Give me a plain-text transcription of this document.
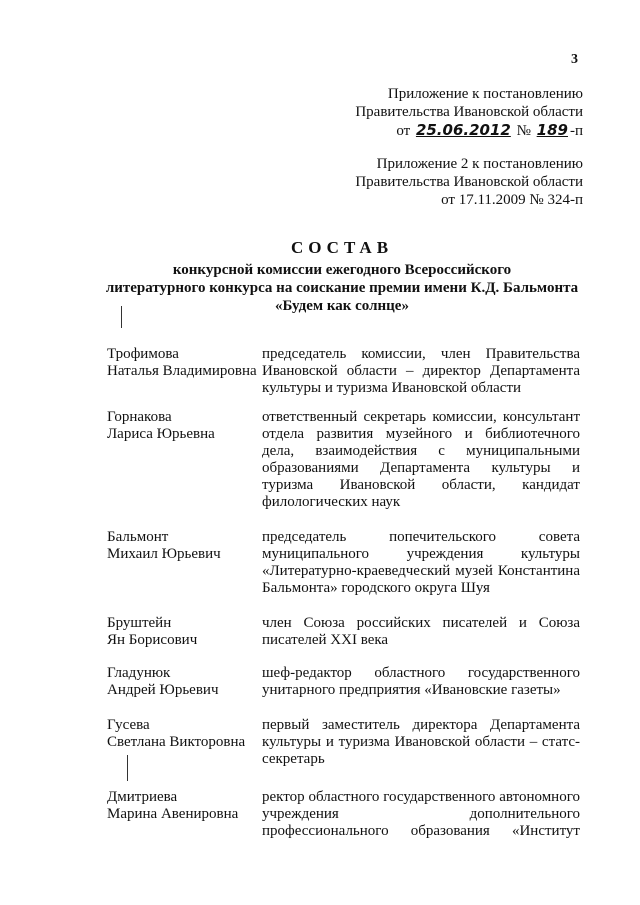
3
Приложение к постановлению
Правительства Ивановской области
от 25.06.2012 № 189 -п
Приложение 2 к постановлению
Правительства Ивановской области
от 17.11.2009 № 324-п
СОСТАВ
конкурсной комиссии ежегодного Всероссийского
литературного конкурса на соискание премии имени К.Д. Бальмонта
«Будем как солнце»
Трофимова
Наталья Владимировна
председатель комиссии, член Правительства Ивановской области – директор Департамента культуры и туризма Ивановской области
Горнакова
Лариса Юрьевна
ответственный секретарь комиссии, консультант отдела развития музейного и библиотечного дела, взаимодействия с муниципальными образованиями Департамента культуры и туризма Ивановской области, кандидат филологических наук
Бальмонт
Михаил Юрьевич
председатель попечительского совета муниципального учреждения культуры «Литературно-краеведческий музей Константина Бальмонта» городского округа Шуя
Бруштейн
Ян Борисович
член Союза российских писателей и Союза писателей XXI века
Гладунюк
Андрей Юрьевич
шеф-редактор областного государственного унитарного предприятия «Ивановские газеты»
Гусева
Светлана Викторовна
первый заместитель директора Департамента культуры и туризма Ивановской области – статс-секретарь
Дмитриева
Марина Авенировна
ректор областного государственного автономного учреждения дополнительного профессионального образования «Институт
